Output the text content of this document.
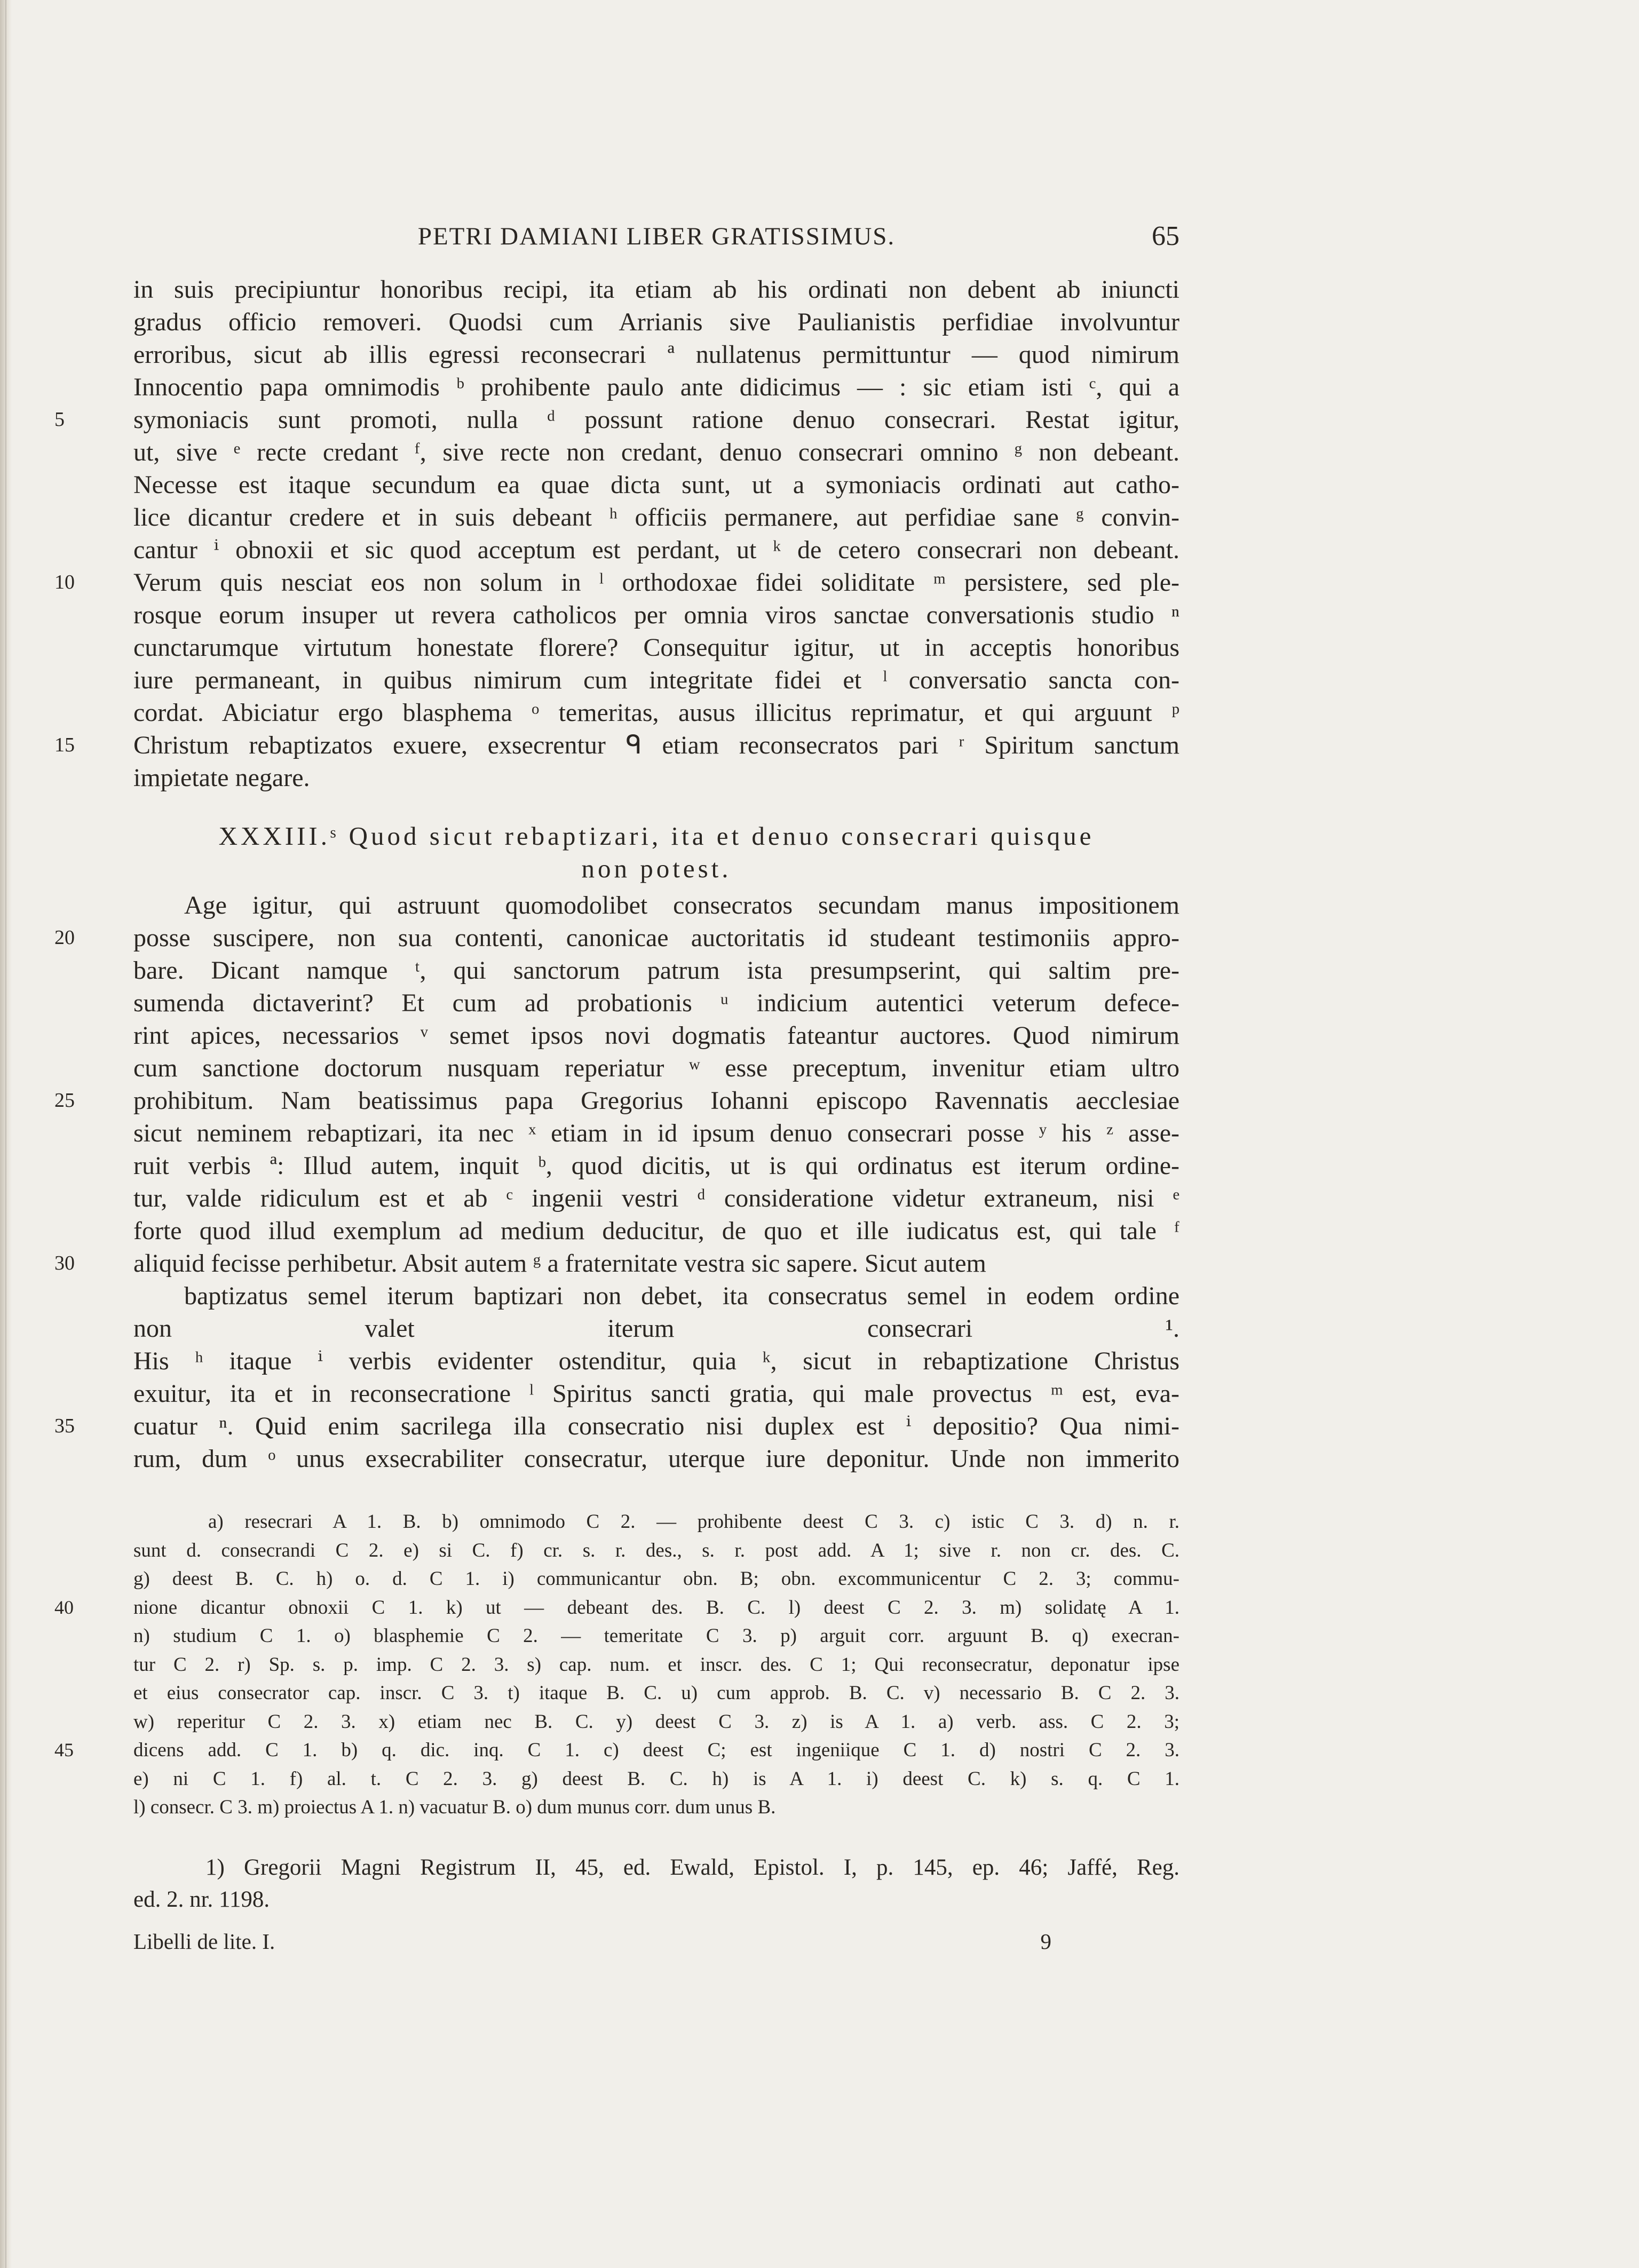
PETRI DAMIANI LIBER GRATISSIMUS.	65
in suis precipiuntur honoribus recipi, ita etiam ab his ordinati non debent ab iniuncti
gradus officio removeri. Quodsi cum Arrianis sive Paulianistis perfidiae involvuntur
erroribus, sicut ab illis egressi reconsecrari ª nullatenus permittuntur — quod nimirum
Innocentio papa omnimodis ᵇ prohibente paulo ante didicimus — : sic etiam isti ᶜ, qui a
5	symoniacis sunt promoti, nulla ᵈ possunt ratione denuo consecrari. Restat igitur,
ut, sive ᵉ recte credant ᶠ, sive recte non credant, denuo consecrari omnino ᵍ non debeant.
Necesse est itaque secundum ea quae dicta sunt, ut a symoniacis ordinati aut catho-
lice dicantur credere et in suis debeant ʰ officiis permanere, aut perfidiae sane ᵍ convin-
cantur ⁱ obnoxii et sic quod acceptum est perdant, ut ᵏ de cetero consecrari non debeant.
10	Verum quis nesciat eos non solum in ˡ orthodoxae fidei soliditate ᵐ persistere, sed ple-
rosque eorum insuper ut revera catholicos per omnia viros sanctae conversationis studio ⁿ
cunctarumque virtutum honestate florere? Consequitur igitur, ut in acceptis honoribus
iure permaneant, in quibus nimirum cum integritate fidei et ˡ conversatio sancta con-
cordat. Abiciatur ergo blasphema ᵒ temeritas, ausus illicitus reprimatur, et qui arguunt ᵖ
15	Christum rebaptizatos exuere, exsecrentur ᑫ etiam reconsecratos pari ʳ Spiritum sanctum
impietate negare.
XXXIII.ˢ Quod sicut rebaptizari, ita et denuo consecrari quisque
non potest.
Age igitur, qui astruunt quomodolibet consecratos secundam manus impositionem
20	posse suscipere, non sua contenti, canonicae auctoritatis id studeant testimoniis appro-
bare. Dicant namque ᵗ, qui sanctorum patrum ista presumpserint, qui saltim pre-
sumenda dictaverint? Et cum ad probationis ᵘ indicium autentici veterum defece-
rint apices, necessarios ᵛ semet ipsos novi dogmatis fateantur auctores. Quod nimirum
cum sanctione doctorum nusquam reperiatur ʷ esse preceptum, invenitur etiam ultro
25	prohibitum. Nam beatissimus papa Gregorius Iohanni episcopo Ravennatis aecclesiae
sicut neminem rebaptizari, ita nec ˣ etiam in id ipsum denuo consecrari posse ʸ his ᶻ asse-
ruit verbis ª: Illud autem, inquit ᵇ, quod dicitis, ut is qui ordinatus est iterum ordine-
tur, valde ridiculum est et ab ᶜ ingenii vestri ᵈ consideratione videtur extraneum, nisi ᵉ
forte quod illud exemplum ad medium deducitur, de quo et ille iudicatus est, qui tale ᶠ
30	aliquid fecisse perhibetur. Absit autem ᵍ a fraternitate vestra sic sapere. Sicut autem
baptizatus semel iterum baptizari non debet, ita consecratus semel in eodem ordine
non valet iterum consecrari ¹.
His ʰ itaque ⁱ verbis evidenter ostenditur, quia ᵏ, sicut in rebaptizatione Christus
exuitur, ita et in reconsecratione ˡ Spiritus sancti gratia, qui male provectus ᵐ est, eva-
35	cuatur ⁿ. Quid enim sacrilega illa consecratio nisi duplex est ⁱ depositio? Qua nimi-
rum, dum ᵒ unus exsecrabiliter consecratur, uterque iure deponitur. Unde non immerito
a) resecrari A 1. B. b) omnimodo C 2. — prohibente deest C 3. c) istic C 3. d) n. r.
sunt d. consecrandi C 2. e) si C. f) cr. s. r. des., s. r. post add. A 1; sive r. non cr. des. C.
g) deest B. C. h) o. d. C 1. i) communicantur obn. B; obn. excommunicentur C 2. 3; commu-
40	nione dicantur obnoxii C 1. k) ut — debeant des. B. C. l) deest C 2. 3. m) solidatę A 1.
n) studium C 1. o) blasphemie C 2. — temeritate C 3. p) arguit corr. arguunt B. q) execran-
tur C 2. r) Sp. s. p. imp. C 2. 3. s) cap. num. et inscr. des. C 1; Qui reconsecratur, deponatur ipse
et eius consecrator cap. inscr. C 3. t) itaque B. C. u) cum approb. B. C. v) necessario B. C 2. 3.
w) reperitur C 2. 3. x) etiam nec B. C. y) deest C 3. z) is A 1. a) verb. ass. C 2. 3;
45	dicens add. C 1. b) q. dic. inq. C 1. c) deest C; est ingeniique C 1. d) nostri C 2. 3.
e) ni C 1. f) al. t. C 2. 3. g) deest B. C. h) is A 1. i) deest C. k) s. q. C 1.
l) consecr. C 3. m) proiectus A 1. n) vacuatur B. o) dum munus corr. dum unus B.
1) Gregorii Magni Registrum II, 45, ed. Ewald, Epistol. I, p. 145, ep. 46; Jaffé, Reg.
ed. 2. nr. 1198.
Libelli de lite. I.	9
